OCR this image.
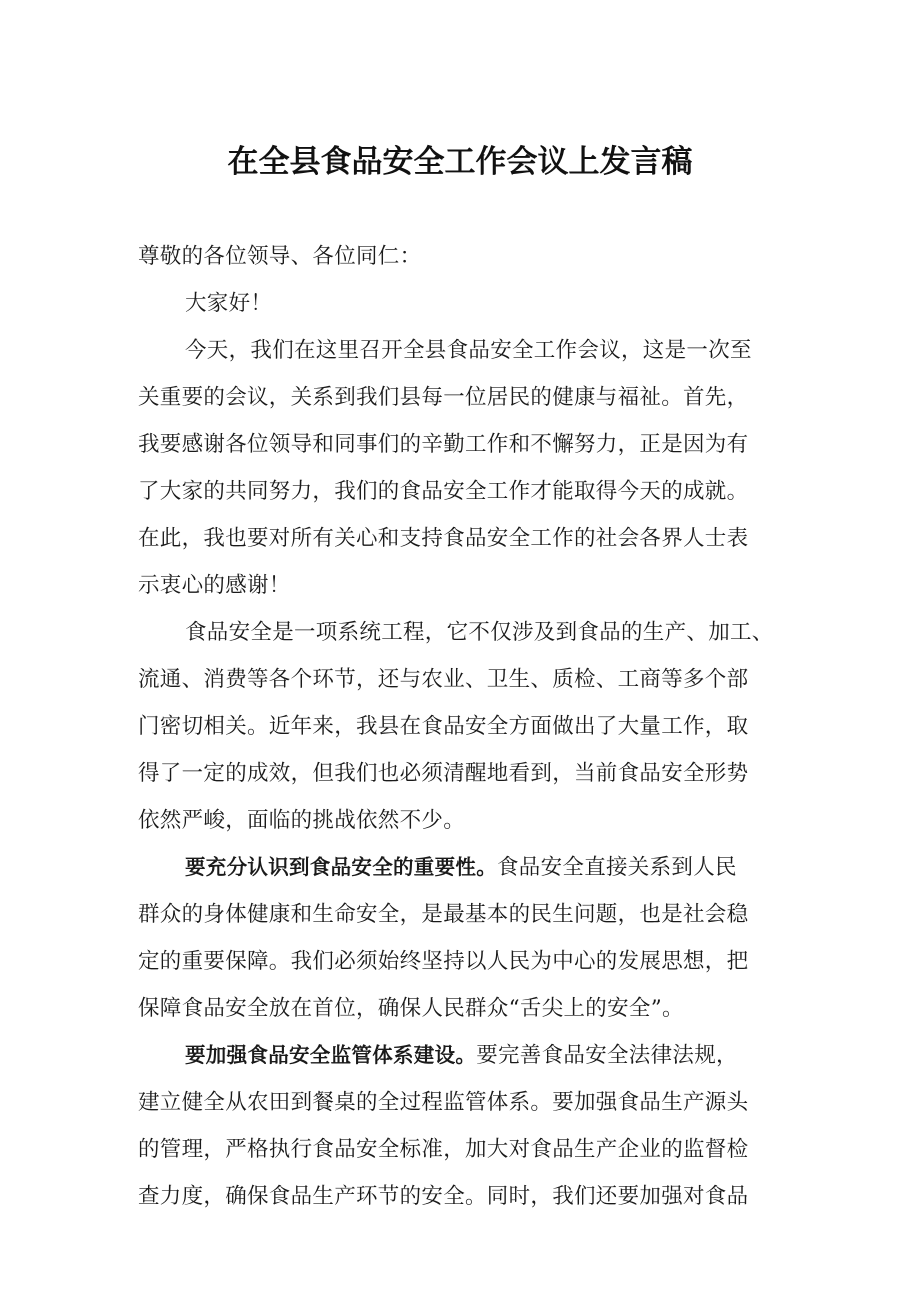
在全县食品安全工作会议上发言稿
尊敬的各位领导、各位同仁：
大家好！
今天，我们在这里召开全县食品安全工作会议，这是一次至
关重要的会议，关系到我们县每一位居民的健康与福祉。首先，
我要感谢各位领导和同事们的辛勤工作和不懈努力，正是因为有
了大家的共同努力，我们的食品安全工作才能取得今天的成就。
在此，我也要对所有关心和支持食品安全工作的社会各界人士表
示衷心的感谢！
食品安全是一项系统工程，它不仅涉及到食品的生产、加工、
流通、消费等各个环节，还与农业、卫生、质检、工商等多个部
门密切相关。近年来，我县在食品安全方面做出了大量工作，取
得了一定的成效，但我们也必须清醒地看到，当前食品安全形势
依然严峻，面临的挑战依然不少。
要充分认识到食品安全的重要性。食品安全直接关系到人民
群众的身体健康和生命安全，是最基本的民生问题，也是社会稳
定的重要保障。我们必须始终坚持以人民为中心的发展思想，把
保障食品安全放在首位，确保人民群众“舌尖上的安全”。
要加强食品安全监管体系建设。要完善食品安全法律法规，
建立健全从农田到餐桌的全过程监管体系。要加强食品生产源头
的管理，严格执行食品安全标准，加大对食品生产企业的监督检
查力度，确保食品生产环节的安全。同时，我们还要加强对食品
